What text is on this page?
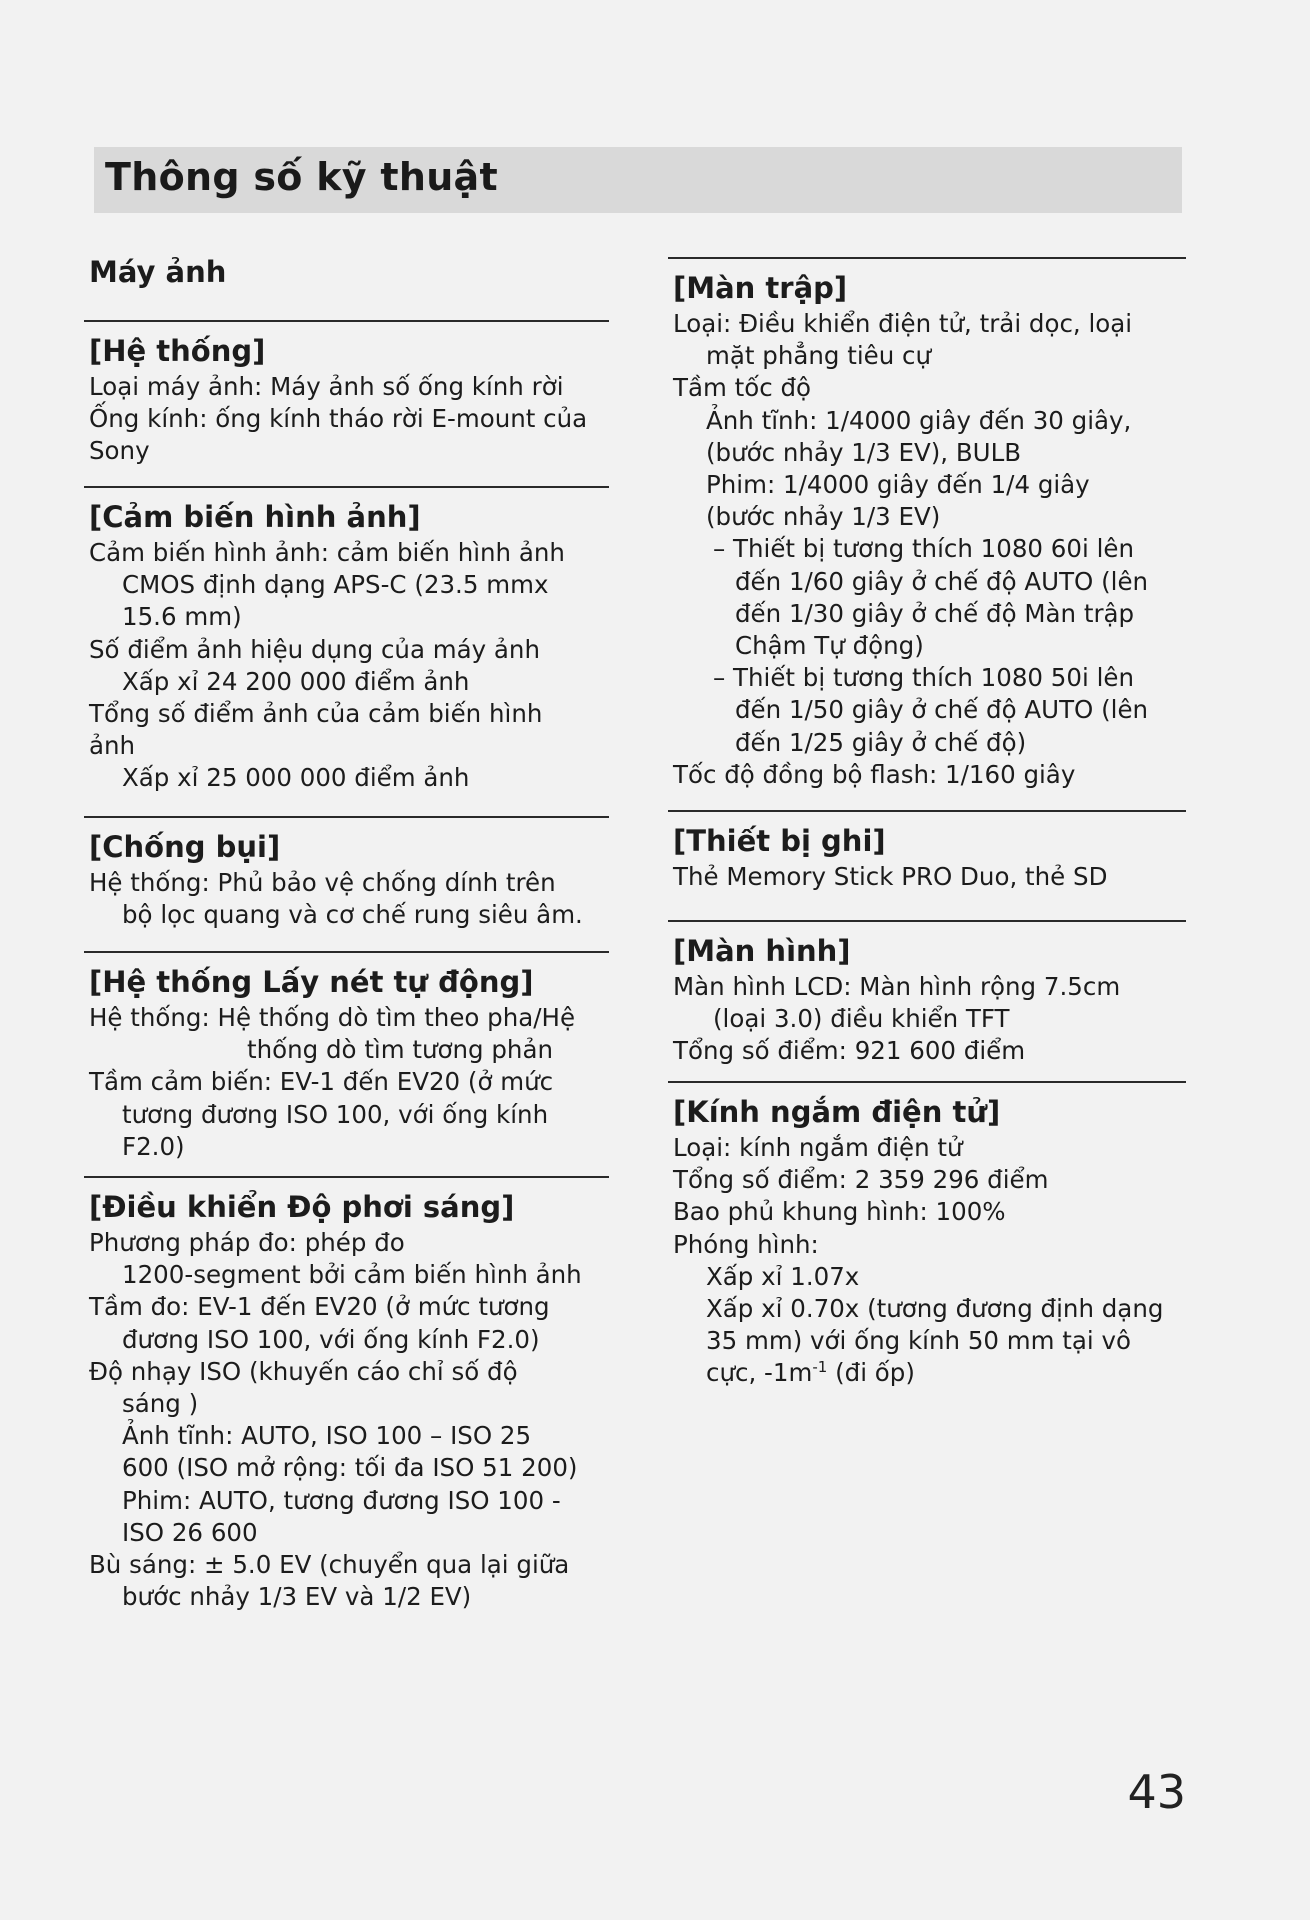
Thông số kỹ thuật
Máy ảnh
[Hệ thống]
Loại máy ảnh: Máy ảnh số ống kính rời
Ống kính: ống kính tháo rời E-mount của
Sony
[Cảm biến hình ảnh]
Cảm biến hình ảnh: cảm biến hình ảnh
CMOS định dạng APS-C (23.5 mmx
15.6 mm)
Số điểm ảnh hiệu dụng của máy ảnh
Xấp xỉ 24 200 000 điểm ảnh
Tổng số điểm ảnh của cảm biến hình
ảnh
Xấp xỉ 25 000 000 điểm ảnh
[Chống bụi]
Hệ thống: Phủ bảo vệ chống dính trên
bộ lọc quang và cơ chế rung siêu âm.
[Hệ thống Lấy nét tự động]
Hệ thống: Hệ thống dò tìm theo pha/Hệ
thống dò tìm tương phản
Tầm cảm biến: EV-1 đến EV20 (ở mức
tương đương ISO 100, với ống kính
F2.0)
[Điều khiển Độ phơi sáng]
Phương pháp đo: phép đo
1200-segment bởi cảm biến hình ảnh
Tầm đo: EV-1 đến EV20 (ở mức tương
đương ISO 100, với ống kính F2.0)
Độ nhạy ISO (khuyến cáo chỉ số độ
sáng )
Ảnh tĩnh: AUTO, ISO 100 – ISO 25
600 (ISO mở rộng: tối đa ISO 51 200)
Phim: AUTO, tương đương ISO 100 -
ISO 26 600
Bù sáng: ± 5.0 EV (chuyển qua lại giữa
bước nhảy 1/3 EV và 1/2 EV)
[Màn trập]
Loại: Điều khiển điện tử, trải dọc, loại
mặt phẳng tiêu cự
Tầm tốc độ
Ảnh tĩnh: 1/4000 giây đến 30 giây,
(bước nhảy 1/3 EV), BULB
Phim: 1/4000 giây đến 1/4 giây
(bước nhảy 1/3 EV)
– Thiết bị tương thích 1080 60i lên
đến 1/60 giây ở chế độ AUTO (lên
đến 1/30 giây ở chế độ Màn trập
Chậm Tự động)
– Thiết bị tương thích 1080 50i lên
đến 1/50 giây ở chế độ AUTO (lên
đến 1/25 giây ở chế độ)
Tốc độ đồng bộ flash: 1/160 giây
[Thiết bị ghi]
Thẻ Memory Stick PRO Duo, thẻ SD
[Màn hình]
Màn hình LCD: Màn hình rộng 7.5cm
(loại 3.0) điều khiển TFT
Tổng số điểm: 921 600 điểm
[Kính ngắm điện tử]
Loại: kính ngắm điện tử
Tổng số điểm: 2 359 296 điểm
Bao phủ khung hình: 100%
Phóng hình:
Xấp xỉ 1.07x
Xấp xỉ 0.70x (tương đương định dạng
35 mm) với ống kính 50 mm tại vô
cực, $-1m^{-1}$ (đi ốp)
43
